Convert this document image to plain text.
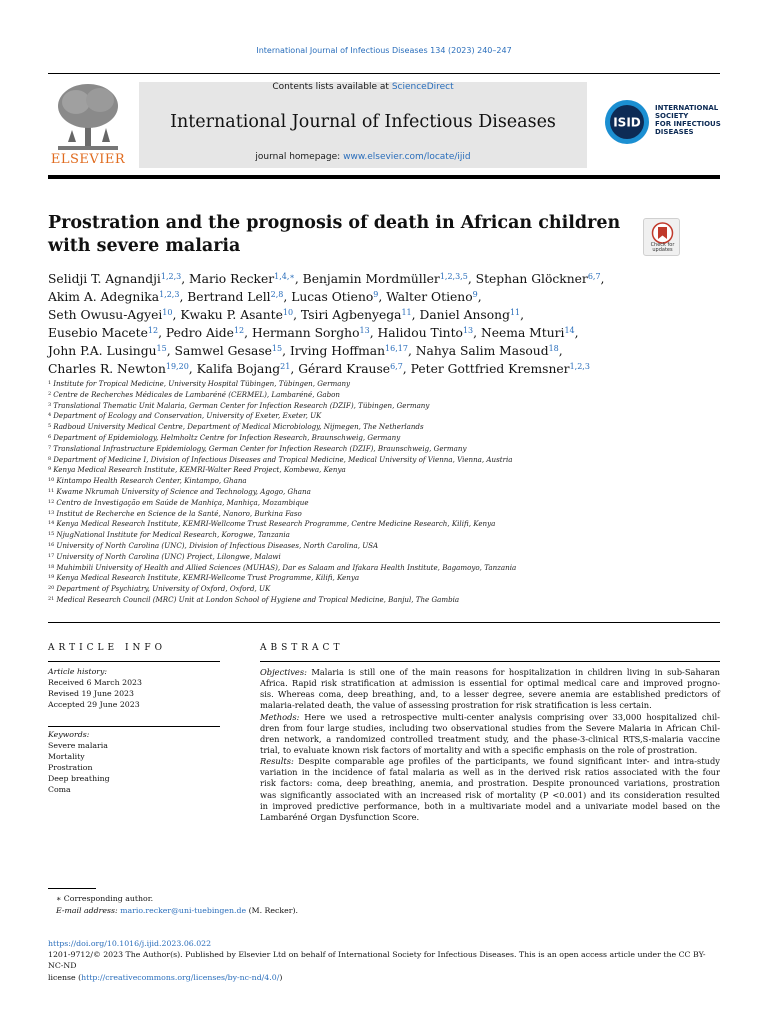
International Journal of Infectious Diseases 134 (2023) 240–247
ELSEVIER
Contents lists available at ScienceDirect
International Journal of Infectious Diseases
journal homepage: www.elsevier.com/locate/ijid
ISID
INTERNATIONAL
SOCIETY
FOR INFECTIOUS
DISEASES
Prostration and the prognosis of death in African children with severe malaria	Check for
updates
Selidji T. Agnandji$^{1,2,3}$, Mario Recker$^{1,4,∗}$, Benjamin Mordmüller$^{1,2,3,5}$, Stephan Glöckner$^{6,7}$,
Akim A. Adegnika$^{1,2,3}$, Bertrand Lell$^{2,8}$, Lucas Otieno$^9$, Walter Otieno$^9$,
Seth Owusu-Agyei$^{10}$, Kwaku P. Asante$^{10}$, Tsiri Agbenyega$^{11}$, Daniel Ansong$^{11}$,
Eusebio Macete$^{12}$, Pedro Aide$^{12}$, Hermann Sorgho$^{13}$, Halidou Tinto$^{13}$, Neema Mturi$^{14}$,
John P.A. Lusingu$^{15}$, Samwel Gesase$^{15}$, Irving Hoffman$^{16,17}$, Nahya Salim Masoud$^{18}$,
Charles R. Newton$^{19,20}$, Kalifa Bojang$^{21}$, Gérard Krause$^{6,7}$, Peter Gottfried Kremsner$^{1,2,3}$
$^1$ Institute for Tropical Medicine, University Hospital Tübingen, Tübingen, Germany
$^2$ Centre de Recherches Médicales de Lambaréné (CERMEL), Lambaréné, Gabon
$^3$ Translational Thematic Unit Malaria, German Center for Infection Research (DZIF), Tübingen, Germany
$^4$ Department of Ecology and Conservation, University of Exeter, Exeter, UK
$^5$ Radboud University Medical Centre, Department of Medical Microbiology, Nijmegen, The Netherlands
$^6$ Department of Epidemiology, Helmholtz Centre for Infection Research, Braunschweig, Germany
$^7$ Translational Infrastructure Epidemiology, German Center for Infection Research (DZIF), Braunschweig, Germany
$^8$ Department of Medicine I, Division of Infectious Diseases and Tropical Medicine, Medical University of Vienna, Vienna, Austria
$^9$ Kenya Medical Research Institute, KEMRI-Walter Reed Project, Kombewa, Kenya
$^{10}$ Kintampo Health Research Center, Kintampo, Ghana
$^{11}$ Kwame Nkrumah University of Science and Technology, Agogo, Ghana
$^{12}$ Centro de Investigação em Saúde de Manhiça, Manhiça, Mozambique
$^{13}$ Institut de Recherche en Science de la Santé, Nanoro, Burkina Faso
$^{14}$ Kenya Medical Research Institute, KEMRI-Wellcome Trust Research Programme, Centre Medicine Research, Kilifi, Kenya
$^{15}$ NjugNational Institute for Medical Research, Korogwe, Tanzania
$^{16}$ University of North Carolina (UNC), Division of Infectious Diseases, North Carolina, USA
$^{17}$ University of North Carolina (UNC) Project, Lilongwe, Malawi
$^{18}$ Muhimbili University of Health and Allied Sciences (MUHAS), Dar es Salaam and Ifakara Health Institute, Bagamoyo, Tanzania
$^{19}$ Kenya Medical Research Institute, KEMRI-Wellcome Trust Programme, Kilifi, Kenya
$^{20}$ Department of Psychiatry, University of Oxford, Oxford, UK
$^{21}$ Medical Research Council (MRC) Unit at London School of Hygiene and Tropical Medicine, Banjul, The Gambia
ARTICLE INFO
Article history:
Received 6 March 2023
Revised 19 June 2023
Accepted 29 June 2023
Keywords:
Severe malaria
Mortality
Prostration
Deep breathing
Coma
ABSTRACT
Objectives: Malaria is still one of the main reasons for hospitalization in children living in sub-Saharan
Africa. Rapid risk stratification at admission is essential for optimal medical care and improved progno-
sis. Whereas coma, deep breathing, and, to a lesser degree, severe anemia are established predictors of
malaria-related death, the value of assessing prostration for risk stratification is less certain.
Methods: Here we used a retrospective multi-center analysis comprising over 33,000 hospitalized chil-
dren from four large studies, including two observational studies from the Severe Malaria in African Chil-
dren network, a randomized controlled treatment study, and the phase-3-clinical RTS,S-malaria vaccine
trial, to evaluate known risk factors of mortality and with a specific emphasis on the role of prostration.
Results: Despite comparable age profiles of the participants, we found significant inter- and intra-study
variation in the incidence of fatal malaria as well as in the derived risk ratios associated with the four
risk factors: coma, deep breathing, anemia, and prostration. Despite pronounced variations, prostration
was significantly associated with an increased risk of mortality (P <0.001) and its consideration resulted
in improved predictive performance, both in a multivariate model and a univariate model based on the
Lambaréné Organ Dysfunction Score.
∗ Corresponding author.
E-mail address: mario.recker@uni-tuebingen.de (M. Recker).
https://doi.org/10.1016/j.ijid.2023.06.022
1201-9712/© 2023 The Author(s). Published by Elsevier Ltd on behalf of International Society for Infectious Diseases. This is an open access article under the CC BY-NC-ND
license (http://creativecommons.org/licenses/by-nc-nd/4.0/)
